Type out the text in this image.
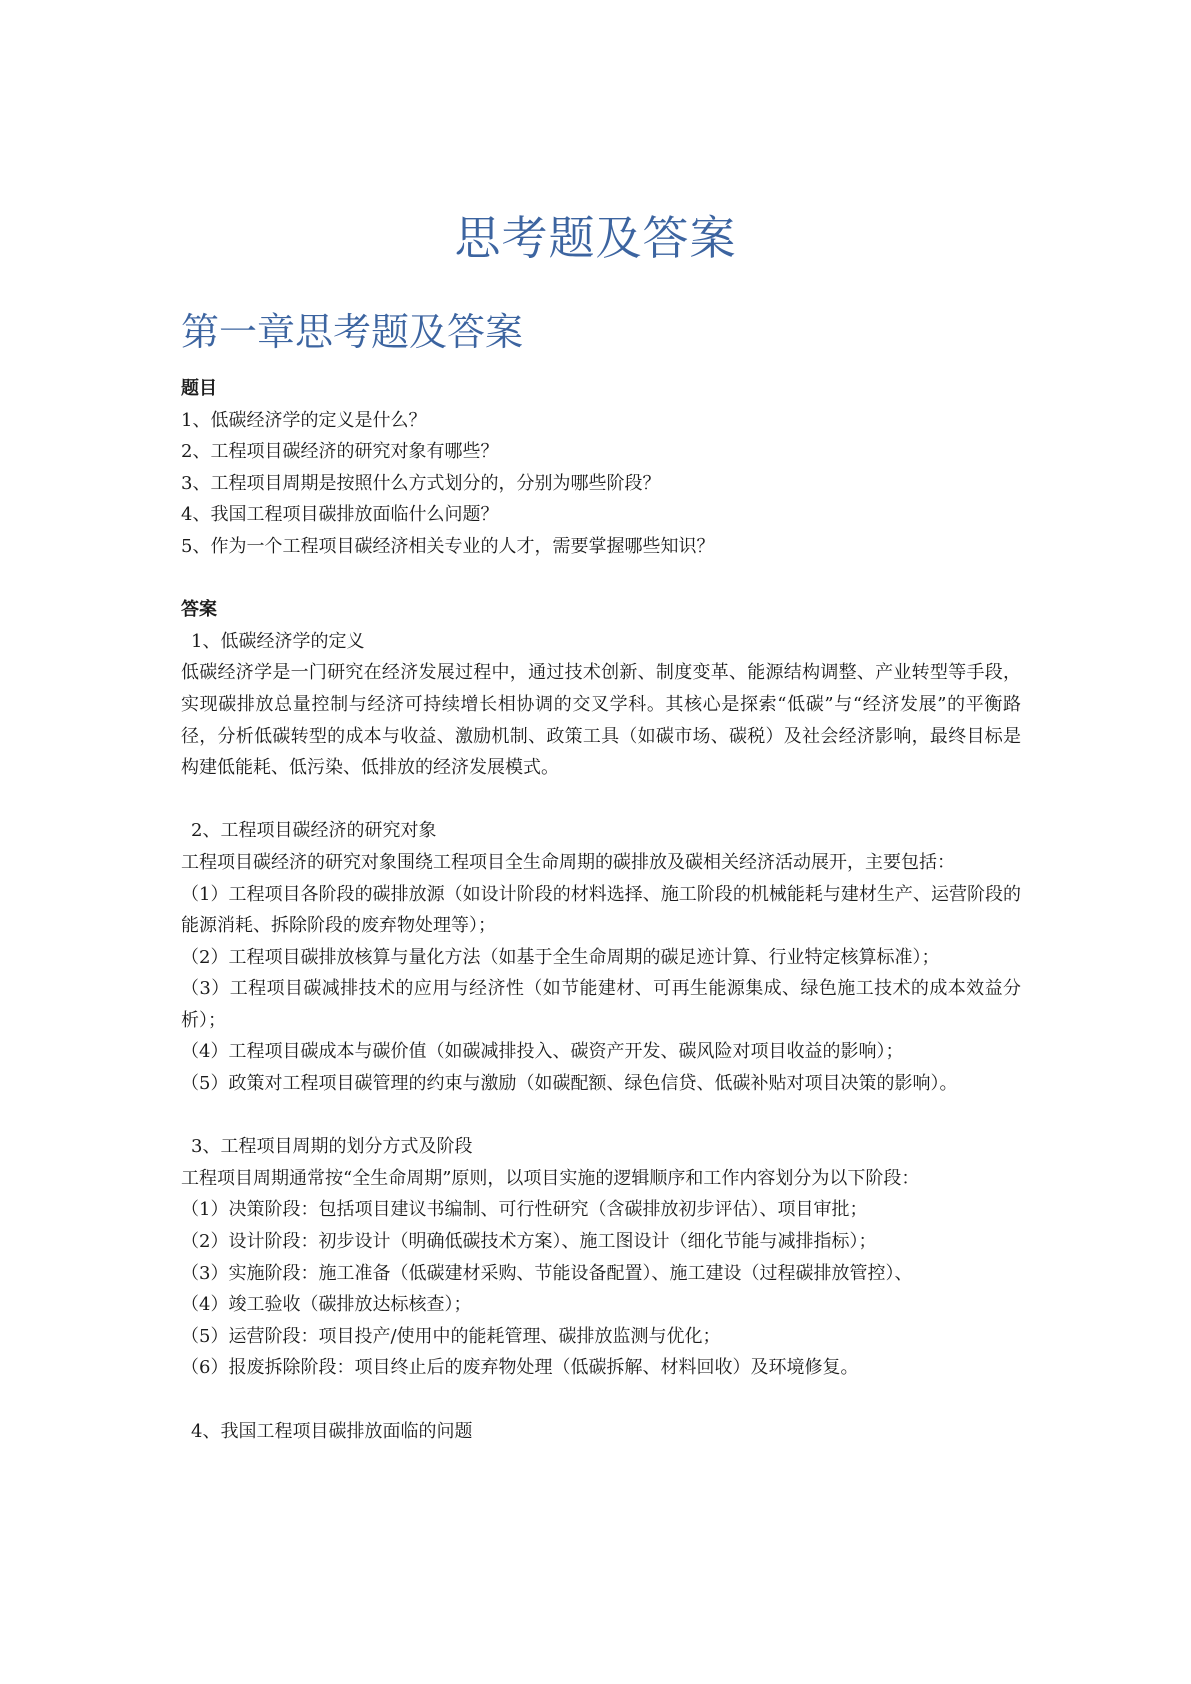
思考题及答案
第一章思考题及答案

题目

1、低碳经济学的定义是什么？

2、工程项目碳经济的研究对象有哪些？

3、工程项目周期是按照什么方式划分的，分别为哪些阶段？

4、我国工程项目碳排放面临什么问题？

5、作为一个工程项目碳经济相关专业的人才，需要掌握哪些知识？

答案

1、低碳经济学的定义

低碳经济学是一门研究在经济发展过程中，通过技术创新、制度变革、能源结构调整、产业转型等手段，实现碳排放总量控制与经济可持续增长相协调的交叉学科。其核心是探索“低碳”与“经济发展”的平衡路径，分析低碳转型的成本与收益、激励机制、政策工具（如碳市场、碳税）及社会经济影响，最终目标是构建低能耗、低污染、低排放的经济发展模式。

2、工程项目碳经济的研究对象

工程项目碳经济的研究对象围绕工程项目全生命周期的碳排放及碳相关经济活动展开，主要包括：

（1）工程项目各阶段的碳排放源（如设计阶段的材料选择、施工阶段的机械能耗与建材生产、运营阶段的能源消耗、拆除阶段的废弃物处理等）；

（2）工程项目碳排放核算与量化方法（如基于全生命周期的碳足迹计算、行业特定核算标准）；

（3）工程项目碳减排技术的应用与经济性（如节能建材、可再生能源集成、绿色施工技术的成本效益分析）；

（4）工程项目碳成本与碳价值（如碳减排投入、碳资产开发、碳风险对项目收益的影响）；

（5）政策对工程项目碳管理的约束与激励（如碳配额、绿色信贷、低碳补贴对项目决策的影响）。

3、工程项目周期的划分方式及阶段

工程项目周期通常按“全生命周期”原则，以项目实施的逻辑顺序和工作内容划分为以下阶段：

（1）决策阶段：包括项目建议书编制、可行性研究（含碳排放初步评估）、项目审批；

（2）设计阶段：初步设计（明确低碳技术方案）、施工图设计（细化节能与减排指标）；

（3）实施阶段：施工准备（低碳建材采购、节能设备配置）、施工建设（过程碳排放管控）、

（4）竣工验收（碳排放达标核查）；

（5）运营阶段：项目投产/使用中的能耗管理、碳排放监测与优化；

（6）报废拆除阶段：项目终止后的废弃物处理（低碳拆解、材料回收）及环境修复。

4、我国工程项目碳排放面临的问题
